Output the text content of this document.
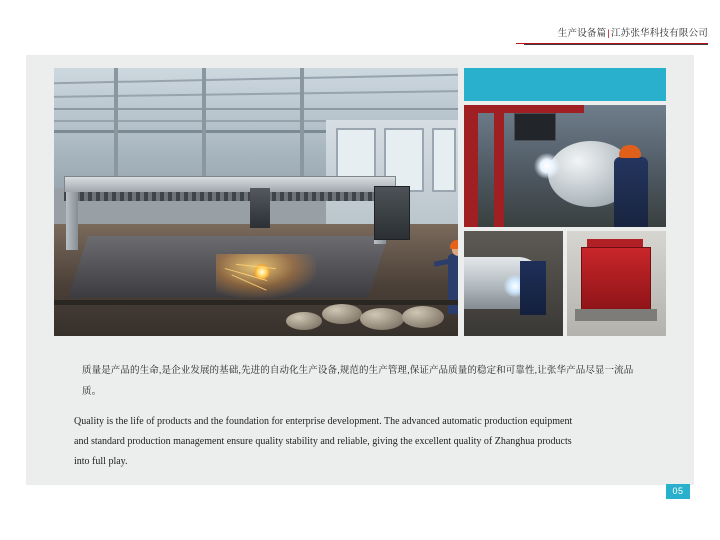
生产设备篇|江苏张华科技有限公司

质量是产品的生命,是企业发展的基础,先进的自动化生产设备,规范的生产管理,保证产品质量的稳定和可靠性,让张华产品尽显一流品质。

Quality is the life of products and the foundation for enterprise development. The advanced automatic production equipment and standard production management ensure quality stability and reliable, giving the excellent quality of Zhanghua products into full play.

05
